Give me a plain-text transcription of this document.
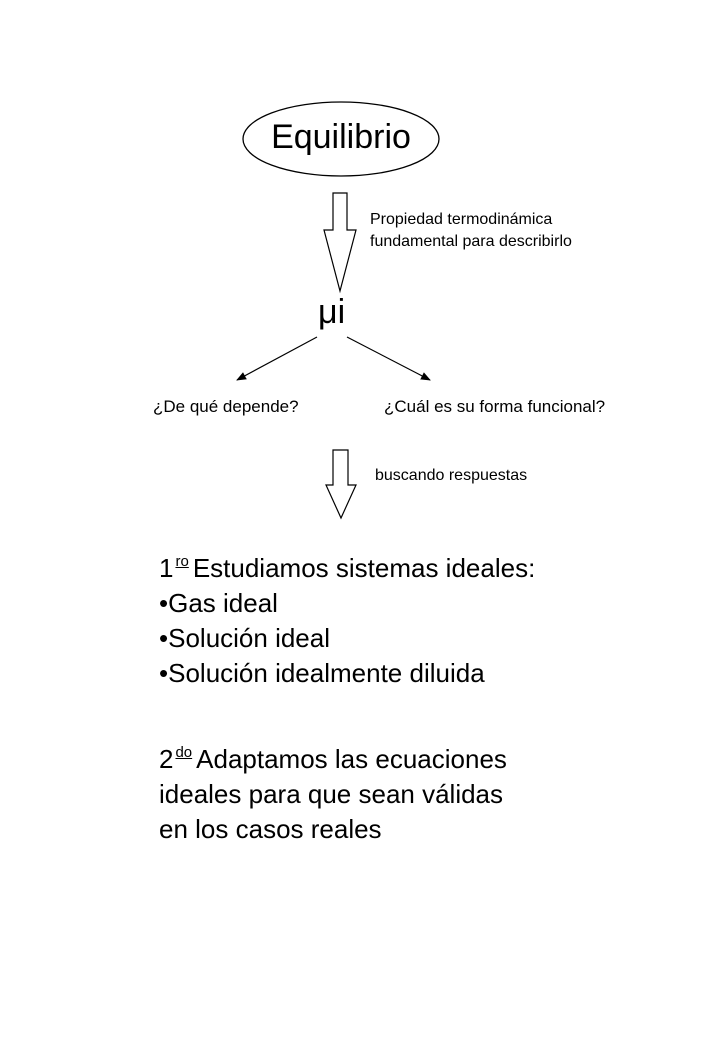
Equilibrio
Propiedad termodinámica
fundamental para describirlo
μi
¿De qué depende?	¿Cuál es su forma funcional?
buscando respuestas
1 $^{ro}$ Estudiamos sistemas ideales:
• Gas ideal
• Solución ideal
• Solución idealmente diluida
2 $^{do}$ Adaptamos las ecuaciones
ideales para que sean válidas
en los casos reales
